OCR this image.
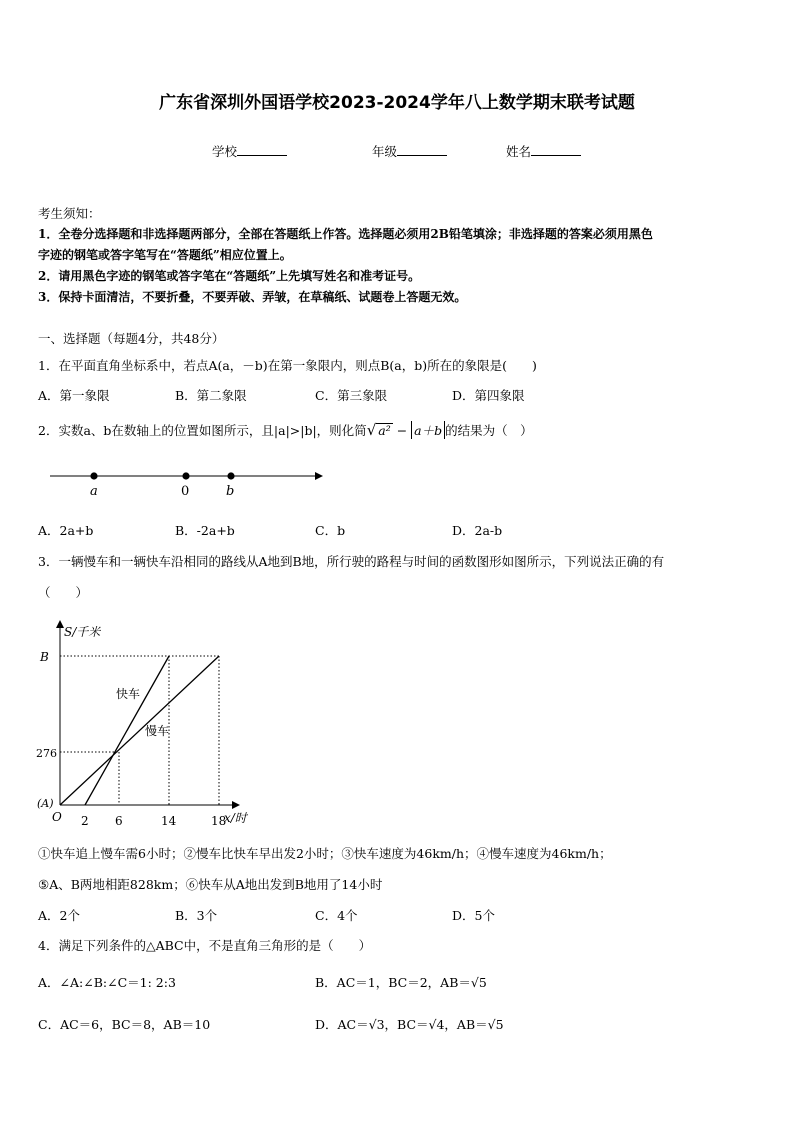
广东省深圳外国语学校2023-2024学年八上数学期末联考试题
学校	年级	姓名
考生须知：
1．全卷分选择题和非选择题两部分，全部在答题纸上作答。选择题必须用2B铅笔填涂；非选择题的答案必须用黑色
字迹的钢笔或答字笔写在“答题纸”相应位置上。
2．请用黑色字迹的钢笔或答字笔在“答题纸”上先填写姓名和准考证号。
3．保持卡面清洁，不要折叠，不要弄破、弄皱，在草稿纸、试题卷上答题无效。
一、选择题（每题4分，共48分）
1．在平面直角坐标系中，若点A(a，－b)在第一象限内，则点B(a，b)所在的象限是(　　)
A．第一象限	B．第二象限	C．第三象限	D．第四象限
2．实数a、b在数轴上的位置如图所示，且|a|>|b|，则化简√ a² − a＋b 的结果为（　）
a	0	b
A．2a+b	B．-2a+b	C．b	D．2a-b
3．一辆慢车和一辆快车沿相同的路线从A地到B地，所行驶的路程与时间的函数图形如图所示，下列说法正确的有
（　　）
S/千米
B
276
(A)
O 2 6	14	18
x/时
快车
慢车
①快车追上慢车需6小时；②慢车比快车早出发2小时；③快车速度为46km/h；④慢车速度为46km/h；
⑤A、B两地相距828km；⑥快车从A地出发到B地用了14小时
A．2个	B．3个	C．4个	D．5个
4．满足下列条件的△ABC中，不是直角三角形的是（　　）
A．∠A:∠B:∠C＝1: 2:3	B．AC＝1，BC＝2，AB＝√5
C．AC＝6，BC＝8，AB＝10	D．AC＝√3，BC＝√4，AB＝√5
